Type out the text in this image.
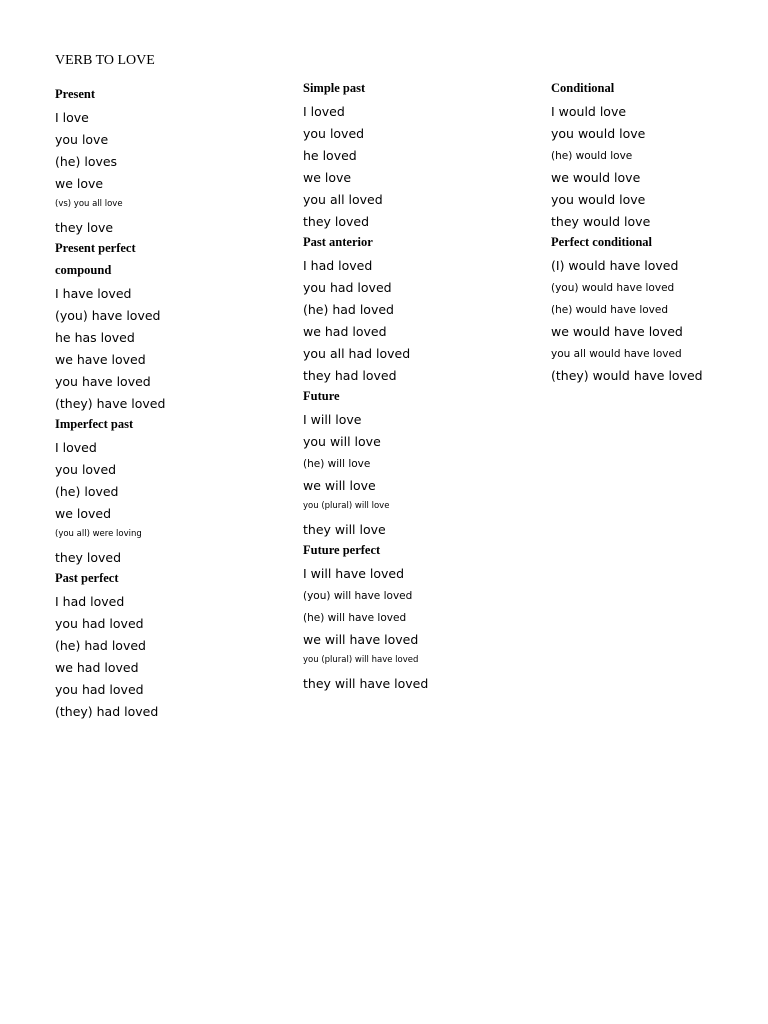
VERB TO LOVE
Present
I love
you love
(he) loves
we love
(vs) you all love
they love
Present perfect
compound
I have loved
(you) have loved
he has loved
we have loved
you have loved
(they) have loved
Imperfect past
I loved
you loved
(he) loved
we loved
(you all) were loving
they loved
Past perfect
I had loved
you had loved
(he) had loved
we had loved
you had loved
(they) had loved
Simple past
I loved
you loved
he loved
we love
you all loved
they loved
Past anterior
I had loved
you had loved
(he) had loved
we had loved
you all had loved
they had loved
Future
I will love
you will love
(he) will love
we will love
you (plural) will love
they will love
Future perfect
I will have loved
(you) will have loved
(he) will have loved
we will have loved
you (plural) will have loved
they will have loved
Conditional
I would love
you would love
(he) would love
we would love
you would love
they would love
Perfect conditional
(I) would have loved
(you) would have loved
(he) would have loved
we would have loved
you all would have loved
(they) would have loved
